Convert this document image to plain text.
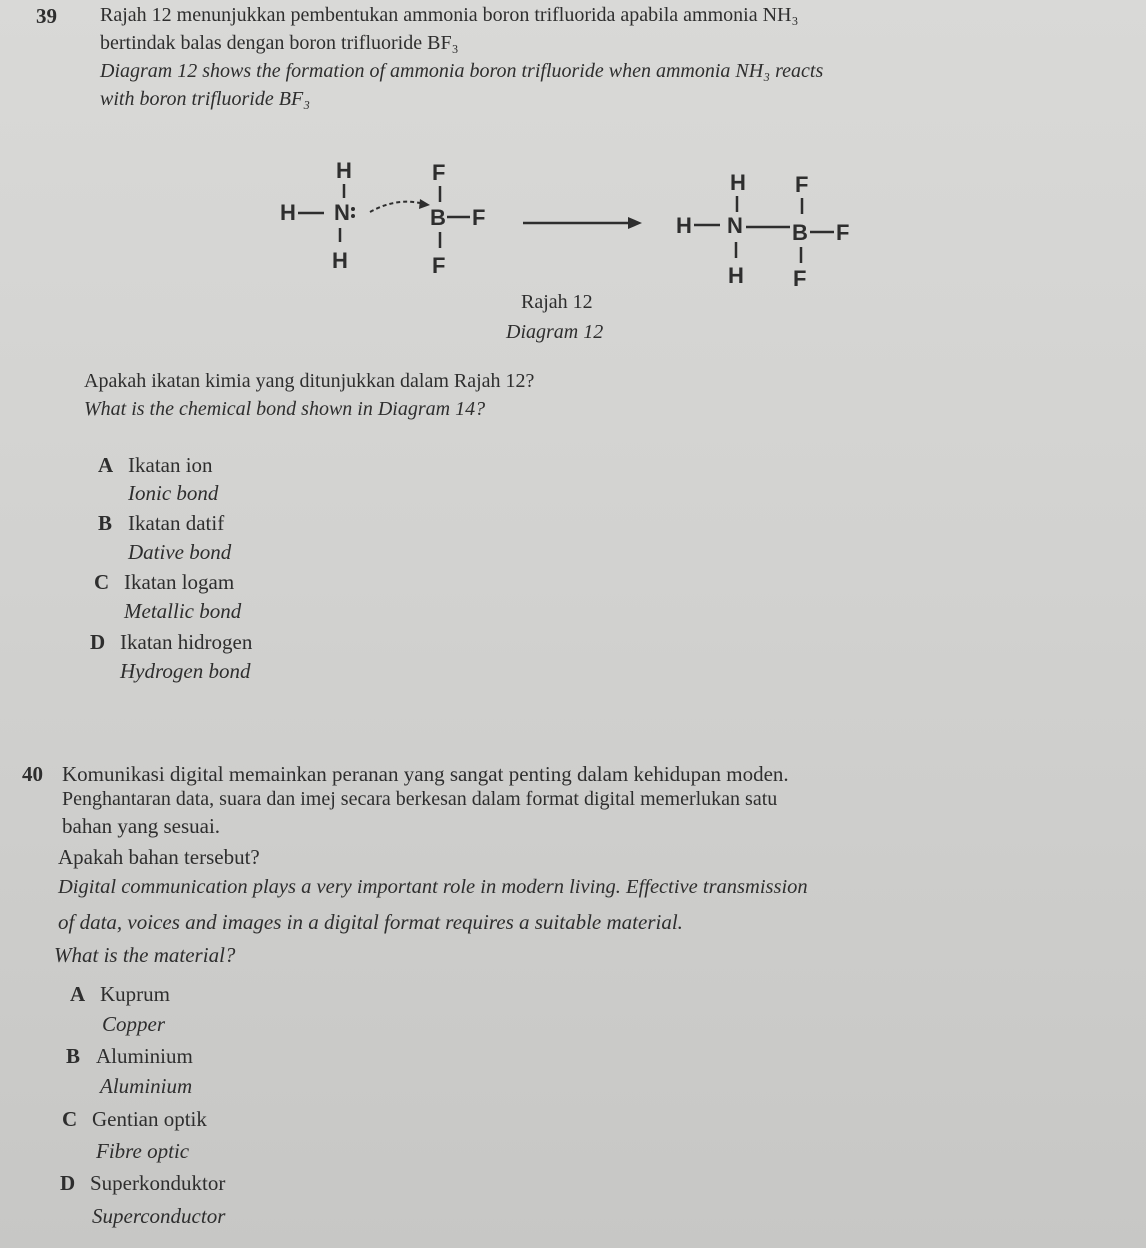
39 Rajah 12 menunjukkan pembentukan ammonia boron trifluorida apabila ammonia NH₃
bertindak balas dengan boron trifluoride BF₃
Diagram 12 shows the formation of ammonia boron trifluoride when ammonia NH₃ reacts
with boron trifluoride BF₃
H
H N
H
F
B F
F
H
H N
H
F
B F
F
Rajah 12
Diagram 12
Apakah ikatan kimia yang ditunjukkan dalam Rajah 12?
What is the chemical bond shown in Diagram 14?
A Ikatan ion
Ionic bond
B Ikatan datif
Dative bond
C Ikatan logam
Metallic bond
D Ikatan hidrogen
Hydrogen bond
40 Komunikasi digital memainkan peranan yang sangat penting dalam kehidupan moden.
Penghantaran data, suara dan imej secara berkesan dalam format digital memerlukan satu
bahan yang sesuai.
Apakah bahan tersebut?
Digital communication plays a very important role in modern living. Effective transmission
of data, voices and images in a digital format requires a suitable material.
What is the material?
A Kuprum
Copper
B Aluminium
Aluminium
C Gentian optik
Fibre optic
D Superkonduktor
Superconductor
